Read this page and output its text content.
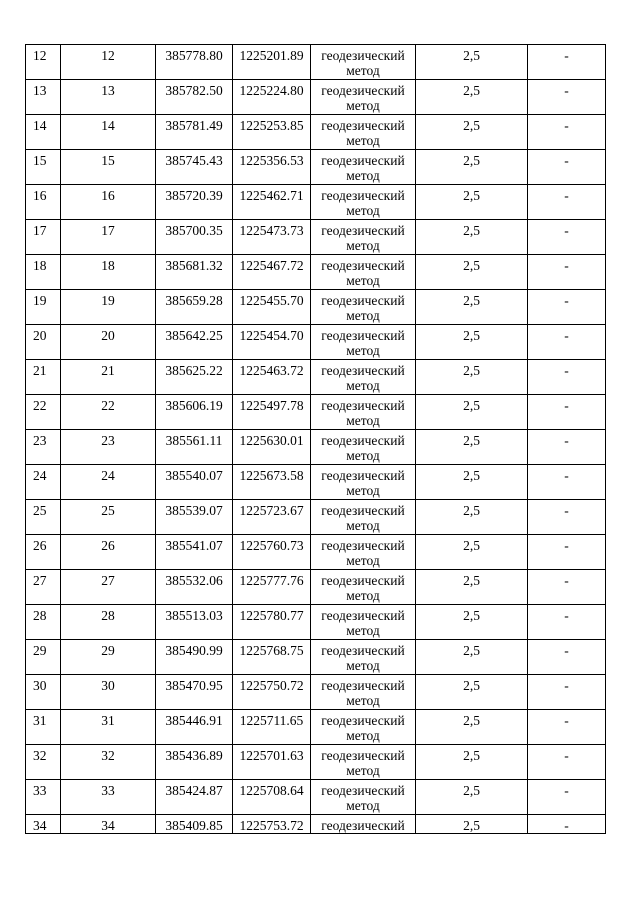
12	12	385778.80	1225201.89	геодезический метод	2,5	-
13	13	385782.50	1225224.80	геодезический метод	2,5	-
14	14	385781.49	1225253.85	геодезический метод	2,5	-
15	15	385745.43	1225356.53	геодезический метод	2,5	-
16	16	385720.39	1225462.71	геодезический метод	2,5	-
17	17	385700.35	1225473.73	геодезический метод	2,5	-
18	18	385681.32	1225467.72	геодезический метод	2,5	-
19	19	385659.28	1225455.70	геодезический метод	2,5	-
20	20	385642.25	1225454.70	геодезический метод	2,5	-
21	21	385625.22	1225463.72	геодезический метод	2,5	-
22	22	385606.19	1225497.78	геодезический метод	2,5	-
23	23	385561.11	1225630.01	геодезический метод	2,5	-
24	24	385540.07	1225673.58	геодезический метод	2,5	-
25	25	385539.07	1225723.67	геодезический метод	2,5	-
26	26	385541.07	1225760.73	геодезический метод	2,5	-
27	27	385532.06	1225777.76	геодезический метод	2,5	-
28	28	385513.03	1225780.77	геодезический метод	2,5	-
29	29	385490.99	1225768.75	геодезический метод	2,5	-
30	30	385470.95	1225750.72	геодезический метод	2,5	-
31	31	385446.91	1225711.65	геодезический метод	2,5	-
32	32	385436.89	1225701.63	геодезический метод	2,5	-
33	33	385424.87	1225708.64	геодезический метод	2,5	-
34	34	385409.85	1225753.72	геодезический	2,5	-
